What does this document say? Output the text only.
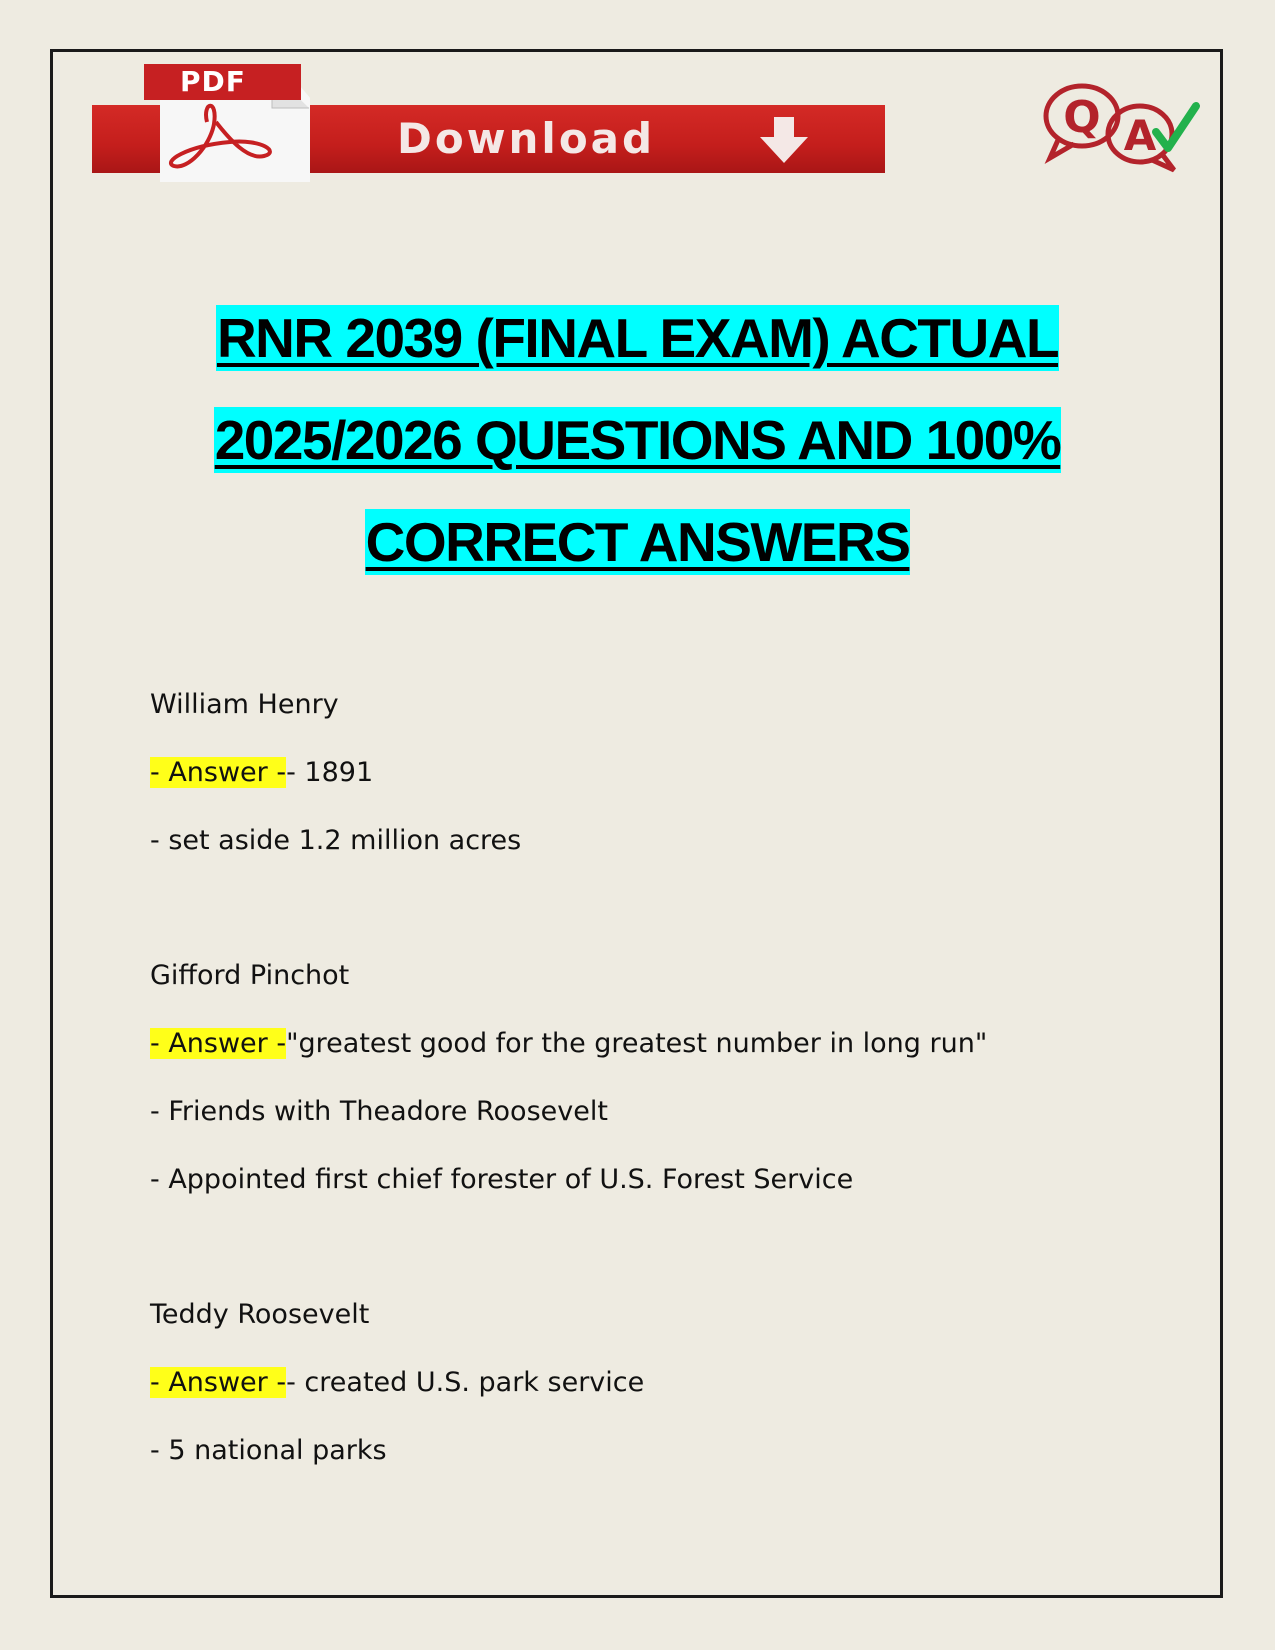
PDF
Download	Q A
RNR 2039 (FINAL EXAM) ACTUAL
2025/2026 QUESTIONS AND 100%
CORRECT ANSWERS
William Henry
- Answer -- 1891
- set aside 1.2 million acres
Gifford Pinchot
- Answer -"greatest good for the greatest number in long run"
- Friends with Theadore Roosevelt
- Appointed first chief forester of U.S. Forest Service
Teddy Roosevelt
- Answer -- created U.S. park service
- 5 national parks
